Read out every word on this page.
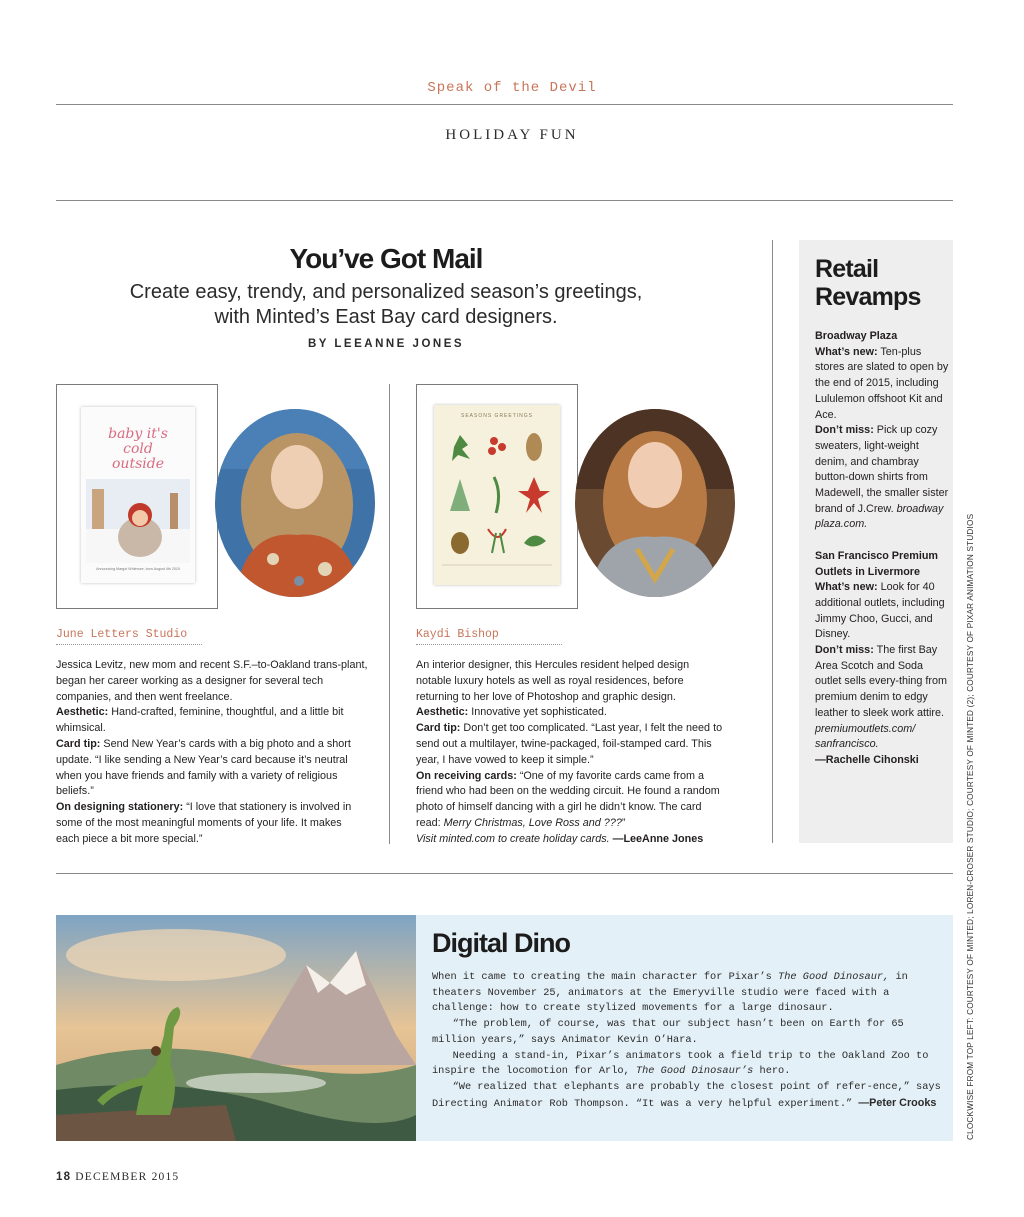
Speak of the Devil
HOLIDAY FUN
You’ve Got Mail
Create easy, trendy, and personalized season’s greetings,
with Minted’s East Bay card designers.
BY LEEANNE JONES
baby it's cold outside
Announcing Margot Whitmore, born August 4th 2015
SEASONS GREETINGS
June Letters Studio	Kaydi Bishop

Jessica Levitz, new mom and recent S.F.–to-Oakland trans-plant, began her career working as a designer for several tech companies, and then went freelance.

Aesthetic: Hand-crafted, feminine, thoughtful, and a little bit whimsical.

Card tip: Send New Year’s cards with a big photo and a short update. “I like sending a New Year’s card because it’s neutral when you have friends and family with a variety of religious beliefs.”

On designing stationery: “I love that stationery is involved in some of the most meaningful moments of your life. It makes each piece a bit more special.”

An interior designer, this Hercules resident helped design notable luxury hotels as well as royal residences, before returning to her love of Photoshop and graphic design.

Aesthetic: Innovative yet sophisticated.

Card tip: Don’t get too complicated. “Last year, I felt the need to send out a multilayer, twine-packaged, foil-stamped card. This year, I have vowed to keep it simple.”

On receiving cards: “One of my favorite cards came from a friend who had been on the wedding circuit. He found a random photo of himself dancing with a girl he didn’t know. The card read: Merry Christmas, Love Ross and ???”

Visit minted.com to create holiday cards. —LeeAnne Jones

Retail Revamps

Broadway Plaza

What’s new: Ten-plus stores are slated to open by the end of 2015, including Lululemon offshoot Kit and Ace.

Don’t miss: Pick up cozy sweaters, light-weight denim, and chambray button-down shirts from Madewell, the smaller sister brand of J.Crew. broadway plaza.com.

San Francisco Premium Outlets in Livermore

What’s new: Look for 40 additional outlets, including Jimmy Choo, Gucci, and Disney.

Don’t miss: The first Bay Area Scotch and Soda outlet sells every-thing from premium denim to edgy leather to sleek work attire. premiumoutlets.com/ sanfrancisco.

—Rachelle Cihonski

Digital Dino

When it came to creating the main character for Pixar’s The Good Dinosaur, in theaters November 25, animators at the Emeryville studio were faced with a challenge: how to create stylized movements for a large dinosaur.

“The problem, of course, was that our subject hasn’t been on Earth for 65 million years,” says Animator Kevin O’Hara.

Needing a stand-in, Pixar’s animators took a field trip to the Oakland Zoo to inspire the locomotion for Arlo, The Good Dinosaur’s hero.

“We realized that elephants are probably the closest point of refer-ence,” says Directing Animator Rob Thompson. “It was a very helpful experiment.” —Peter Crooks

18 DECEMBER 2015
CLOCKWISE FROM TOP LEFT: COURTESY OF MINTED; LOREN-CROSER STUDIO; COURTESY OF MINTED (2); COURTESY OF PIXAR ANIMATION STUDIOS
